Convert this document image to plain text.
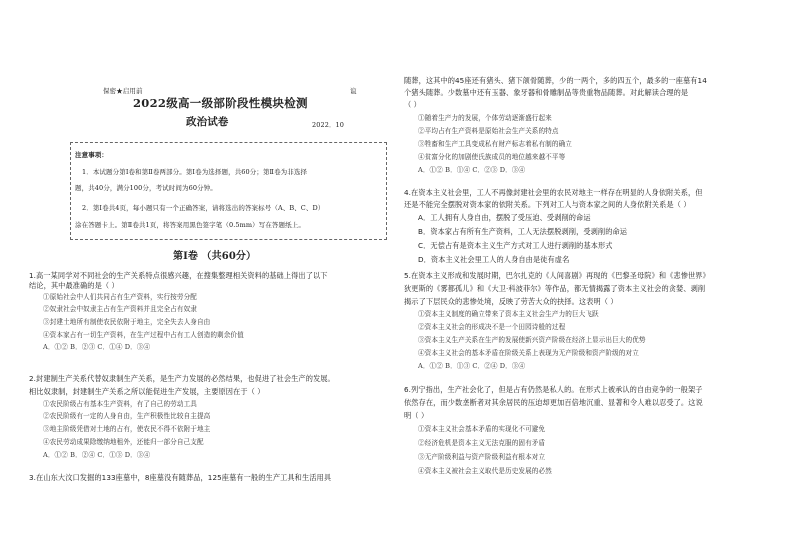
保密★启用前	谊
2022级高一级部阶段性模块检测
政治试卷	2022．10
注意事项：
1．本试题分第Ⅰ卷和第Ⅱ卷两部分。第Ⅰ卷为选择题，共60分；第Ⅱ卷为非选择
题，共40分，满分100分，考试时间为60分钟。
2．第Ⅰ卷共4页，每小题只有一个正确答案，请将选出的答案标号（A、B、C、D）
涂在答题卡上。第Ⅱ卷共1页，将答案用黑色签字笔（0.5mm）写在答题纸上。
第Ⅰ卷 （共60分）
1.高一某同学对不同社会的生产关系特点很感兴趣，在搜集整理相关资料的基础上得出了以下
结论，其中最准确的是（ ）
①原始社会中人们共同占有生产资料，实行按劳分配
②奴隶社会中奴隶主占有生产资料并且完全占有奴隶
③封建土地所有制使农民依附于地主，完全失去人身自由
④资本家占有一切生产资料，在生产过程中占有工人创造的剩余价值
A．①② B．②③ C．①④ D．③④
2.封建制生产关系代替奴隶制生产关系，是生产力发展的必然结果，也促进了社会生产的发展。
相比奴隶制，封建制生产关系之所以能促进生产发展，主要原因在于（ ）
①农民阶级占有基本生产资料，有了自己的劳动工具
②农民阶级有一定的人身自由，生产积极性比较自主提高
③地主阶级凭借对土地的占有，使农民不得不依附于地主
④农民劳动成果除缴纳地租外，还能归一部分自己支配
A．①② B．②④ C．①③ D．③④
3.在山东大汶口发掘的133座墓中，8座墓没有随葬品，125座墓有一般的生产工具和生活用具
随葬，这其中的45座还有猪头、猪下颌骨随葬，少的一两个，多的四五个，最多的一座墓有14
个猪头随葬。少数墓中还有玉器、象牙器和骨雕制品等贵重物品随葬。对此解读合理的是
（ ）
①随着生产力的发展，个体劳动逐渐盛行起来
②平均占有生产资料是原始社会生产关系的特点
③牲畜和生产工具变成私有财产标志着私有制的确立
④贫富分化的加剧使氏族成员的地位越来越不平等
A．①② B．①④ C．②③ D．③④
4.在资本主义社会里，工人不再像封建社会里的农民对地主一样存在明显的人身依附关系，但
还是不能完全摆脱对资本家的依附关系。下列对工人与资本家之间的人身依附关系是（ ）
A．工人拥有人身自由，摆脱了受压迫、受剥削的命运
B．资本家占有所有生产资料，工人无法摆脱剥削，受剥削的命运
C．无偿占有是资本主义生产方式对工人进行剥削的基本形式
D．资本主义社会里工人的人身自由是徒有虚名
5.在资本主义形成和发展时期，巴尔扎克的《人间喜剧》再现的《巴黎圣母院》和《悲惨世界》
狄更斯的《雾都孤儿》和《大卫·科波菲尔》等作品，都无情揭露了资本主义社会的贪婪、剥削
揭示了下层民众的悲惨处境，反映了劳苦大众的抉择。这表明（ ）
①资本主义制度的确立带来了资本主义社会生产力的巨大飞跃
②资本主义社会的形成决不是一个田园诗般的过程
③资本主义生产关系在生产的发展使新兴资产阶级在经济上显示出巨大的优势
④资本主义社会的基本矛盾在阶级关系上表现为无产阶级和资产阶级的对立
A．①② B．①③ C．②④ D．③④
6.列宁指出，生产社会化了，但是占有仍然是私人的。在形式上被承认的自由竞争的一般架子
依然存在，而少数垄断者对其余居民的压迫却更加百倍地沉重、显著和令人难以忍受了。这说
明（ ）
①资本主义社会基本矛盾的实现化不可避免
②经济危机是资本主义无法克服的固有矛盾
③无产阶级利益与资产阶级利益有根本对立
④资本主义被社会主义取代是历史发展的必然
